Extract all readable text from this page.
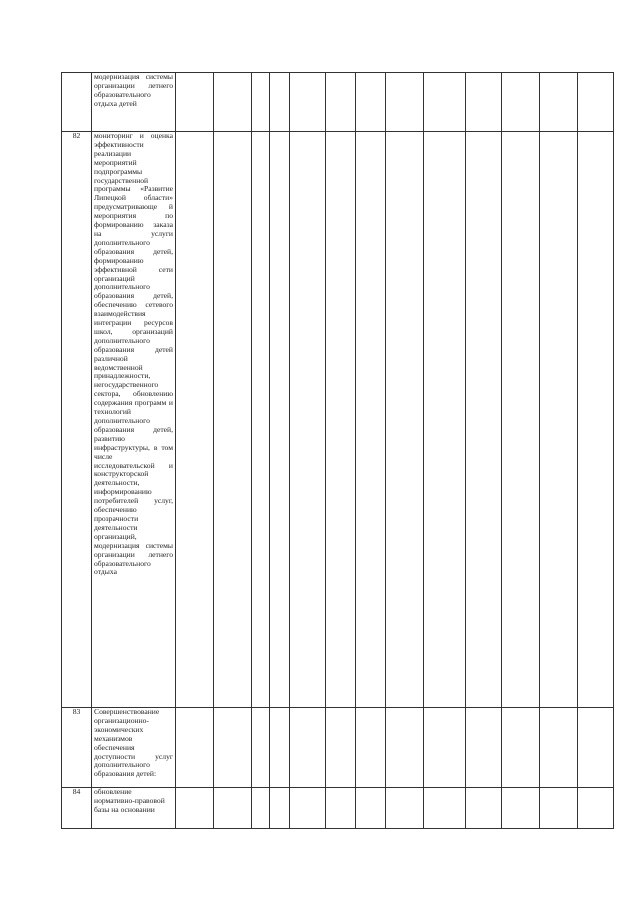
	модернизация системы организации летнего образовательного отдыха детей													
82	мониторинг и оценка эффективности реализации мероприятий подпрограммы государственной программы «Развитие Липецкой области» предусматривающе й мероприятия по формированию заказа на услуги дополнительного образования детей, формированию эффективной сети организаций дополнительного образования детей, обеспечению сетевого взаимодействия интеграции ресурсов школ, организаций дополнительного образования детей различной ведомственной принадлежности, негосударственного сектора, обновлению содержания программ и технологий дополнительного образования детей, развитию инфраструктуры, в том числе исследовательской и конструкторской деятельности, информированию потребителей услуг, обеспечению прозрачности деятельности организаций, модернизация системы организации летнего образовательного отдыха													
83	Совершенствование организационно-экономических механизмов обеспечения доступности услуг дополнительного образования детей:													
84	обновление нормативно-правовой базы на основании													
